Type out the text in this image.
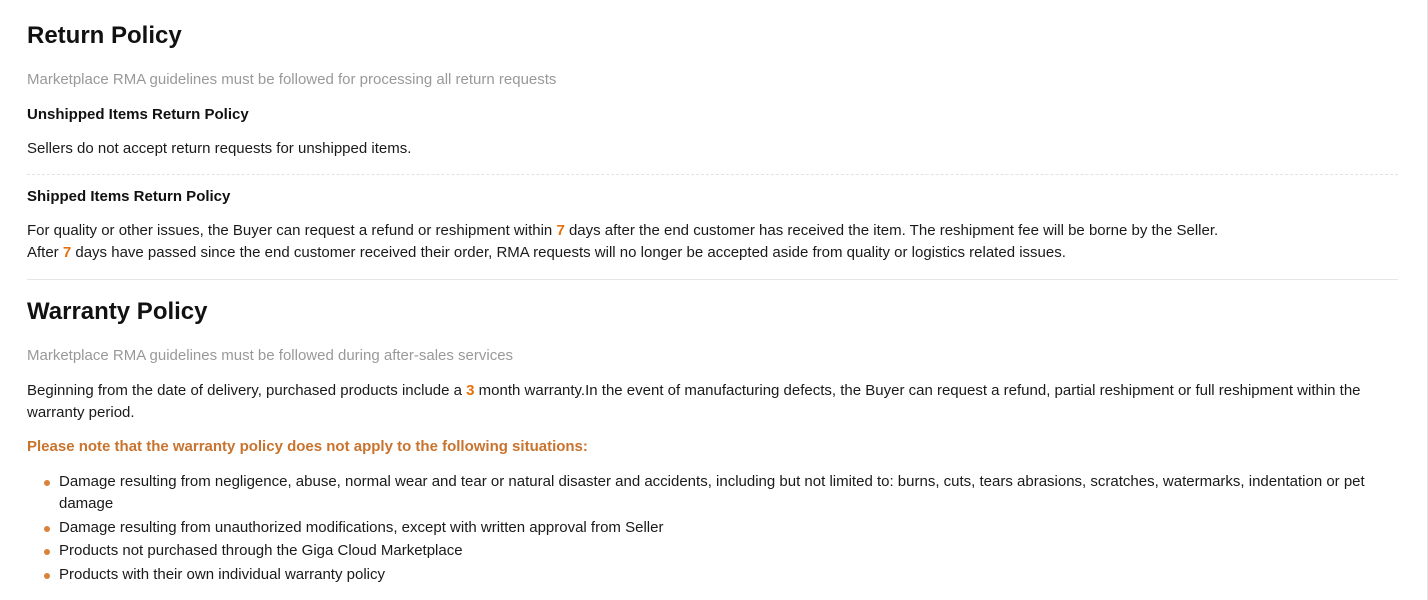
Return Policy

Marketplace RMA guidelines must be followed for processing all return requests

Unshipped Items Return Policy

Sellers do not accept return requests for unshipped items.

Shipped Items Return Policy

For quality or other issues, the Buyer can request a refund or reshipment within 7 days after the end customer has received the item. The reshipment fee will be borne by the Seller.
After 7 days have passed since the end customer received their order, RMA requests will no longer be accepted aside from quality or logistics related issues.

Warranty Policy

Marketplace RMA guidelines must be followed during after-sales services

Beginning from the date of delivery, purchased products include a 3 month warranty.In the event of manufacturing defects, the Buyer can request a refund, partial reshipment or full reshipment within the warranty period.

Please note that the warranty policy does not apply to the following situations:

Damage resulting from negligence, abuse, normal wear and tear or natural disaster and accidents, including but not limited to: burns, cuts, tears abrasions, scratches, watermarks, indentation or pet damage
Damage resulting from unauthorized modifications, except with written approval from Seller
Products not purchased through the Giga Cloud Marketplace
Products with their own individual warranty policy
